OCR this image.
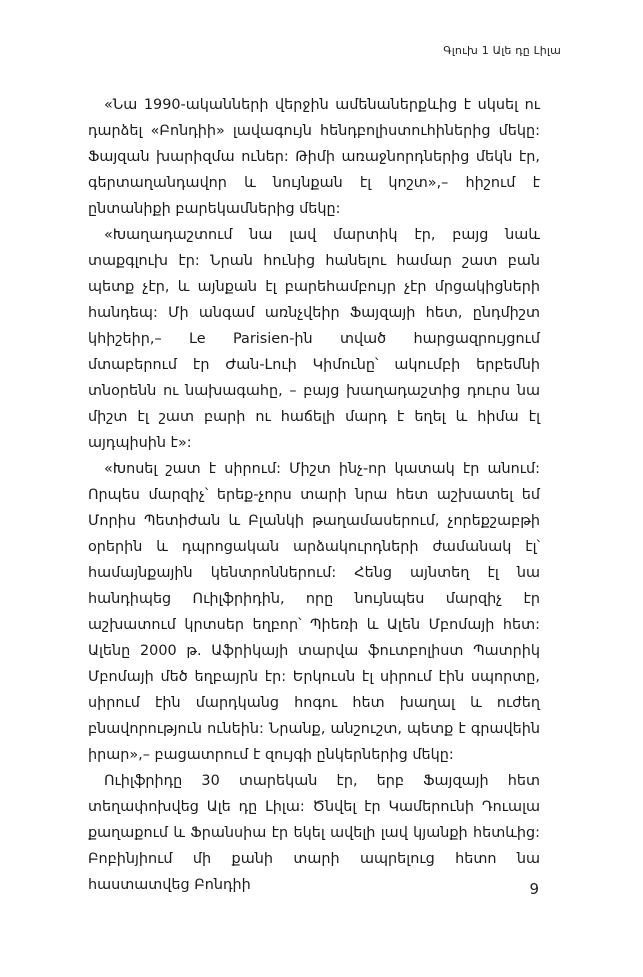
Գլուխ 1 Ալե դը Լիլա

«Նա 1990-ականների վերջին ամենաներքևից է սկսել ու դարձել «Բոնդիի» լավագույն հենդբոլիստուհիներից մեկը: Ֆայզան խարիզմա ուներ: Թիմի առաջնորդներից մեկն էր, գերտաղանդավոր և նույնքան էլ կոշտ»,– հիշում է ընտանիքի բարեկամներից մեկը:

«Խաղադաշտում նա լավ մարտիկ էր, բայց նաև տաքգլուխ էր: Նրան հունից հանելու համար շատ բան պետք չէր, և այնքան էլ բարեհամբույր չէր մրցակիցների հանդեպ: Մի անգամ առնչվեիր Ֆայզայի հետ, ընդմիշտ կհիշեիր,– Le Parisien-ին տված հարցազրույցում մտաբերում էր Ժան-Լուի Կիմունը՝ ակումբի երբեմնի տնօրենն ու նախագահը, – բայց խաղադաշտից դուրս նա միշտ էլ շատ բարի ու հաճելի մարդ է եղել և հիմա էլ այդպիսին է»:

«Խոսել շատ է սիրում: Միշտ ինչ-որ կատակ էր անում: Որպես մարզիչ՝ երեք-չորս տարի նրա հետ աշխատել եմ Մորիս Պետիժան և Բլանկի թաղամասերում, չորեքշաբթի օրերին և դպրոցական արձակուրդների ժամանակ էլ՝ համայնքային կենտրոններում: Հենց այնտեղ էլ նա հանդիպեց Ուիլֆրիդին, որը նույնպես մարզիչ էր աշխատում կրտսեր եղբոր՝ Պիեռի և Ալեն Մբոմայի հետ: Ալենը 2000 թ. Աֆրիկայի տարվա ֆուտբոլիստ Պատրիկ Մբոմայի մեծ եղբայրն էր: Երկուսն էլ սիրում էին սպորտը, սիրում էին մարդկանց հոգու հետ խաղալ և ուժեղ բնավորություն ունեին: Նրանք, անշուշտ, պետք է գրավեին իրար»,– բացատրում է զույգի ընկերներից մեկը:

Ուիլֆրիդը 30 տարեկան էր, երբ Ֆայզայի հետ տեղափոխվեց Ալե դը Լիլա: Ծնվել էր Կամերունի Դուալա քաղաքում և Ֆրանսիա էր եկել ավելի լավ կյանքի հետևից: Բոբինյիում մի քանի տարի ապրելուց հետո նա հաստատվեց Բոնդիի	9
